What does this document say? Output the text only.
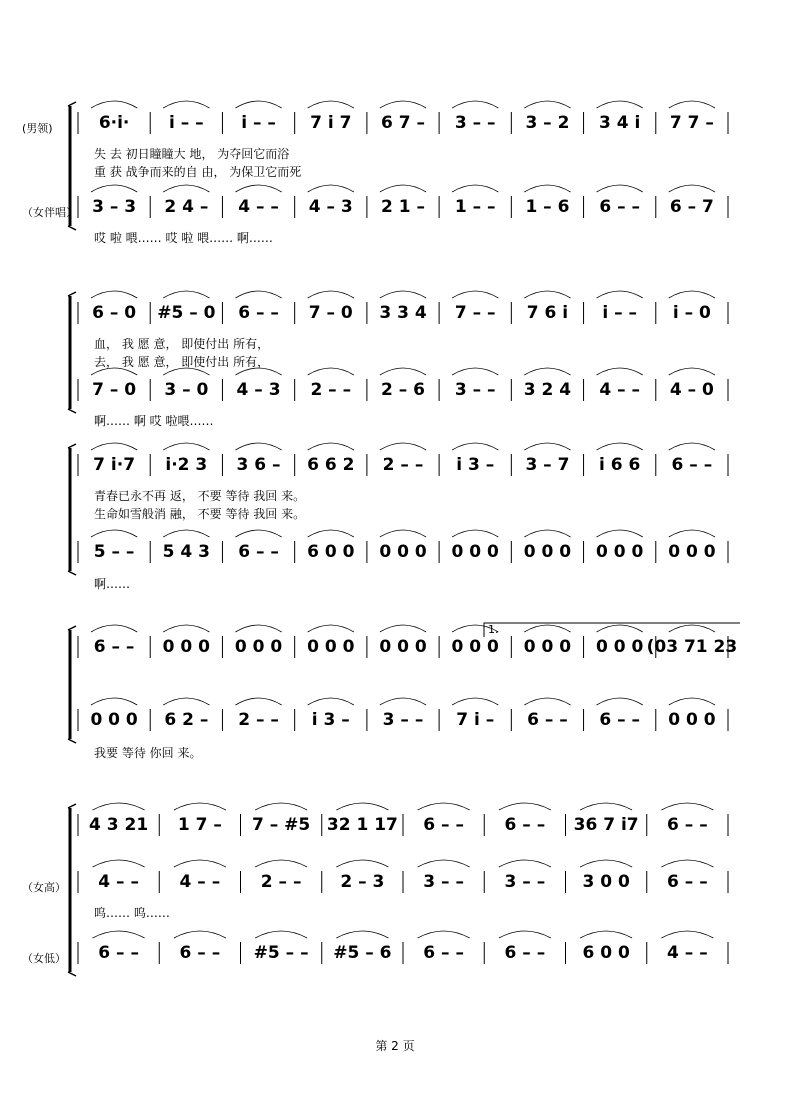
(男领)
（女伴唱）
6·i· i – – i – – 7 i 7 6 7 – 3 – – 3 – 2 3 4 i 7 7 –
3 – 3 2 4 – 4 – – 4 – 3 2 1 – 1 – – 1 – 6 6 – – 6 – 7
失 去 初日瞳瞳大 地， 为夺回它而浴
重 获 战争而来的自 由， 为保卫它而死
哎 啦 喂…… 哎 啦 喂…… 啊……
6 – 0 #5 – 0 6 – – 7 – 0 3 3 4 7 – – 7 6 i i – – i – 0
7 – 0 3 – 0 4 – 3 2 – – 2 – 6 3 – – 3 2 4 4 – – 4 – 0
血， 我 愿 意， 即使付出 所有，
去， 我 愿 意， 即使付出 所有，
啊…… 啊 哎 啦喂……
7 i·7 i·2 3 3 6 – 6 6 2 2 – – i 3 – 3 – 7 i 6 6 6 – –
5 – – 5 4 3 6 – – 6 0 0 0 0 0 0 0 0 0 0 0 0 0 0 0 0 0
青春已永不再 返， 不要 等待 我回 来。
生命如雪般消 融， 不要 等待 我回 来。
啊……
1.
6 – – 0 0 0 0 0 0 0 0 0 0 0 0 0 0 0 0 0 0 0 0 0 (03 71 23
0 0 0 6 2 – 2 – – i 3 – 3 – – 7 i – 6 – – 6 – – 0 0 0
我要 等待 你回 来。
（女高）
（女低）
4 3 21 1 7 – 7 – #5 32 1 17 6 – – 6 – – 36 7 i7 6 – –
4 – – 4 – – 2 – – 2 – 3 3 – – 3 – – 3 0 0 6 – –
6 – – 6 – – #5 – – #5 – 6 6 – – 6 – – 6 0 0 4 – –
呜…… 呜……
第 2 页
